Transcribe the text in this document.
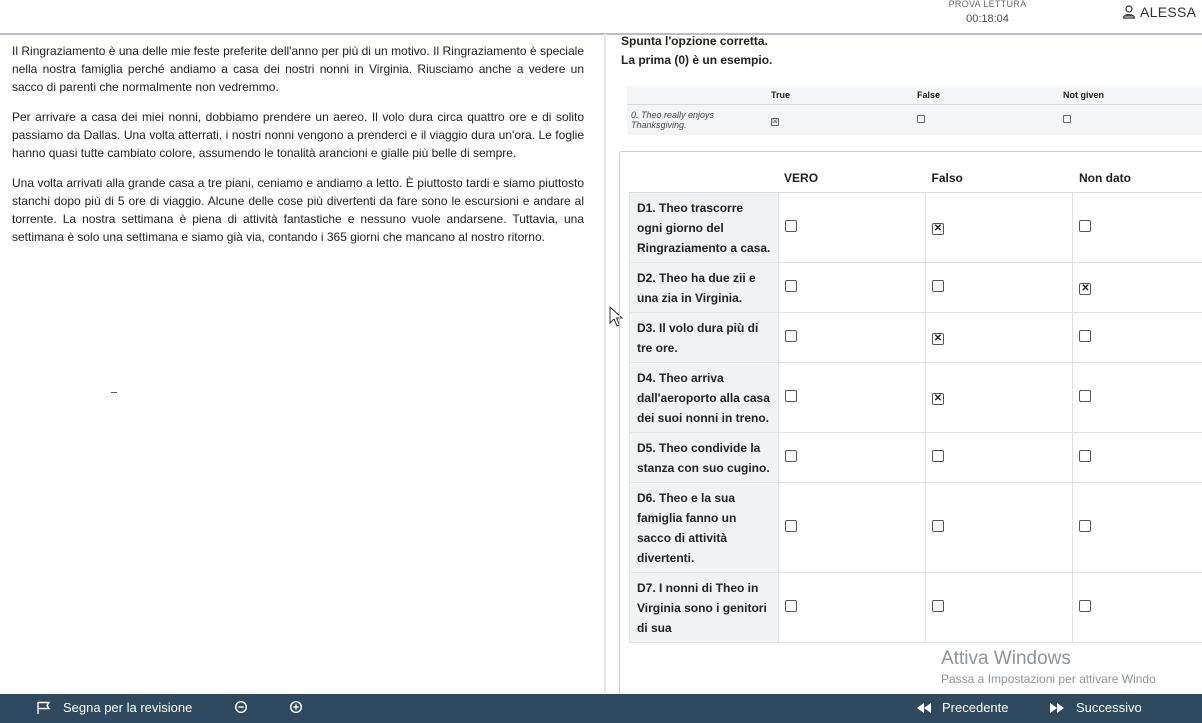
PROVA LETTURA
00:18:04	ALESSA

Il Ringraziamento è una delle mie feste preferite dell'anno per più di un motivo. Il Ringraziamento è speciale nella nostra famiglia perché andiamo a casa dei nostri nonni in Virginia. Riusciamo anche a vedere un sacco di parenti che normalmente non vedremmo.

Per arrivare a casa dei miei nonni, dobbiamo prendere un aereo. Il volo dura circa quattro ore e di solito passiamo da Dallas. Una volta atterrati, i nostri nonni vengono a prenderci e il viaggio dura un'ora. Le foglie hanno quasi tutte cambiato colore, assumendo le tonalità arancioni e gialle più belle di sempre.

Una volta arrivati alla grande casa a tre piani, ceniamo e andiamo a letto. È piuttosto tardi e siamo piuttosto stanchi dopo più di 5 ore di viaggio. Alcune delle cose più divertenti da fare sono le escursioni e andare al torrente. La nostra settimana è piena di attività fantastiche e nessuno vuole andarsene. Tuttavia, una settimana è solo una settimana e siamo già via, contando i 365 giorni che mancano al nostro ritorno.

Spunta l'opzione corretta.
La prima (0) è un esempio.
	True	False	Not given
0. Theo really enjoys Thanksgiving.	☒		
	VERO	Falso	Non dato
D1. Theo trascorre ogni giorno del Ringraziamento a casa.		✕	
D2. Theo ha due zii e una zia in Virginia.			✕
D3. Il volo dura più di tre ore.		✕	
D4. Theo arriva dall'aeroporto alla casa dei suoi nonni in treno.		✕	
D5. Theo condivide la stanza con suo cugino.			
D6. Theo e la sua famiglia fanno un sacco di attività divertenti.			
D7. I nonni di Theo in Virginia sono i genitori di sua			
Attiva Windows
Passa a Impostazioni per attivare Windo
Segna per la revisione	Precedente	Successivo
